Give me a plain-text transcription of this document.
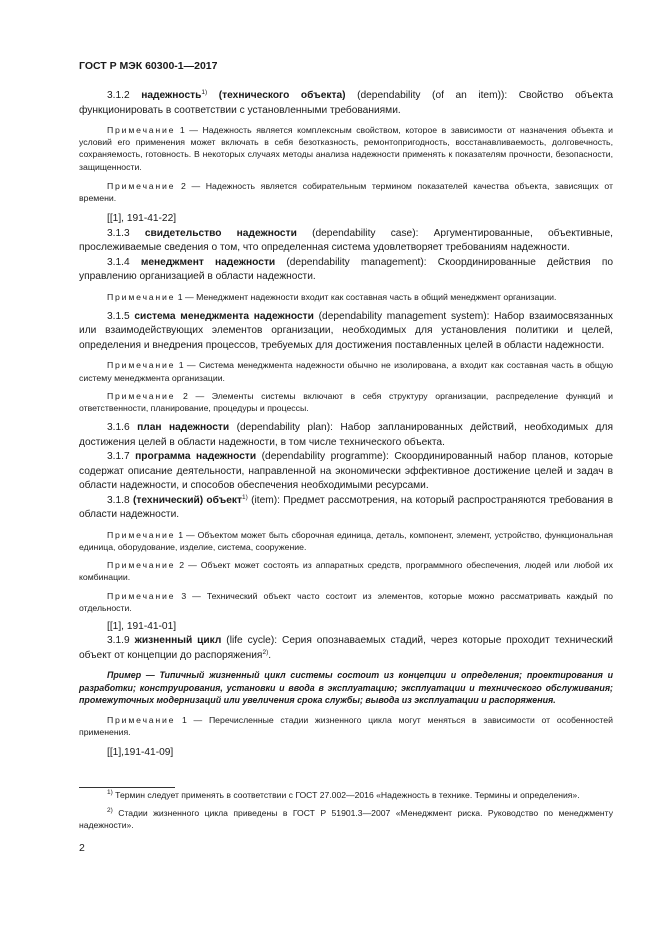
ГОСТ Р МЭК 60300-1—2017

3.1.2 надежность$^{1)}$ (технического объекта) (dependability (of an item)): Свойство объекта функционировать в соответствии с установленными требованиями.

Примечание 1 — Надежность является комплексным свойством, которое в зависимости от назначения объекта и условий его применения может включать в себя безотказность, ремонтопригодность, восстанавливаемость, долговечность, сохраняемость, готовность. В некоторых случаях методы анализа надежности применять к показателям прочности, безопасности, защищенности.

Примечание 2 — Надежность является собирательным термином показателей качества объекта, зависящих от времени.

[[1], 191-41-22]

3.1.3 свидетельство надежности (dependability case): Аргументированные, объективные, прослеживаемые сведения о том, что определенная система удовлетворяет требованиям надежности.

3.1.4 менеджмент надежности (dependability management): Скоординированные действия по управлению организацией в области надежности.

Примечание 1 — Менеджмент надежности входит как составная часть в общий менеджмент организации.

3.1.5 система менеджмента надежности (dependability management system): Набор взаимосвязанных или взаимодействующих элементов организации, необходимых для установления политики и целей, определения и внедрения процессов, требуемых для достижения поставленных целей в области надежности.

Примечание 1 — Система менеджмента надежности обычно не изолирована, а входит как составная часть в общую систему менеджмента организации.

Примечание 2 — Элементы системы включают в себя структуру организации, распределение функций и ответственности, планирование, процедуры и процессы.

3.1.6 план надежности (dependability plan): Набор запланированных действий, необходимых для достижения целей в области надежности, в том числе технического объекта.

3.1.7 программа надежности (dependability programme): Скоординированный набор планов, которые содержат описание деятельности, направленной на экономически эффективное достижение целей и задач в области надежности, и способов обеспечения необходимыми ресурсами.

3.1.8 (технический) объект$^{1)}$ (item): Предмет рассмотрения, на который распространяются требования в области надежности.

Примечание 1 — Объектом может быть сборочная единица, деталь, компонент, элемент, устройство, функциональная единица, оборудование, изделие, система, сооружение.

Примечание 2 — Объект может состоять из аппаратных средств, программного обеспечения, людей или любой их комбинации.

Примечание 3 — Технический объект часто состоит из элементов, которые можно рассматривать каждый по отдельности.

[[1], 191-41-01]

3.1.9 жизненный цикл (life cycle): Серия опознаваемых стадий, через которые проходит технический объект от концепции до распоряжения$^{2)}$.

Пример — Типичный жизненный цикл системы состоит из концепции и определения; проектирования и разработки; конструирования, установки и ввода в эксплуатацию; эксплуатации и технического обслуживания; промежуточных модернизаций или увеличения срока службы; вывода из эксплуатации и распоряжения.

Примечание 1 — Перечисленные стадии жизненного цикла могут меняться в зависимости от особенностей применения.

[[1],191-41-09]

$^{1)}$ Термин следует применять в соответствии с ГОСТ 27.002—2016 «Надежность в технике. Термины и определения».

$^{2)}$ Стадии жизненного цикла приведены в ГОСТ Р 51901.3—2007 «Менеджмент риска. Руководство по менеджменту надежности».

2
